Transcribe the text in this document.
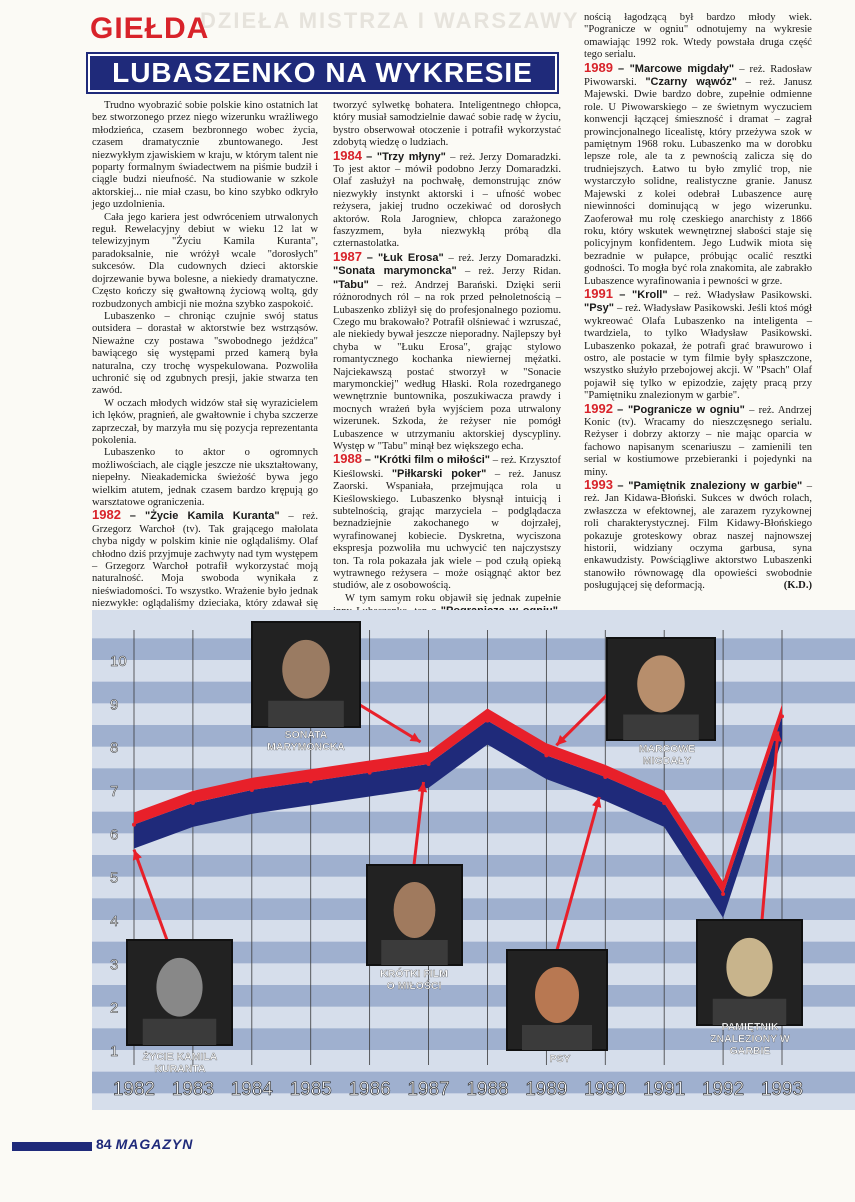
DZIEŁA MISTRZA I WARSZAWY
GIEŁDA
LUBASZENKO NA WYKRESIE

Trudno wyobrazić sobie polskie kino ostatnich lat bez stworzonego przez niego wizerunku wrażliwego młodzieńca, czasem bezbronnego wobec życia, czasem dramatycznie zbuntowanego. Jest niezwykłym zjawiskiem w kraju, w którym talent nie poparty formalnym świadectwem na piśmie budził i ciągle budzi nieufność. Na studiowanie w szkole aktorskiej... nie miał czasu, bo kino szybko odkryło jego uzdolnienia.

Cała jego kariera jest odwróceniem utrwalonych reguł. Rewelacyjny debiut w wieku 12 lat w telewizyjnym "Życiu Kamila Kuranta", paradoksalnie, nie wróżył wcale "dorosłych" sukcesów. Dla cudownych dzieci aktorskie dojrzewanie bywa bolesne, a niekiedy dramatyczne. Często kończy się gwałtowną życiową woltą, gdy rozbudzonych ambicji nie można szybko zaspokoić.

Lubaszenko – chroniąc czujnie swój status outsidera – dorastał w aktorstwie bez wstrząsów. Nieważne czy postawa "swobodnego jeźdźca" bawiącego się występami przed kamerą była naturalna, czy trochę wyspekulowana. Pozwoliła uchronić się od zgubnych presji, jakie stwarza ten zawód.

W oczach młodych widzów stał się wyrazicielem ich lęków, pragnień, ale gwałtownie i chyba szczerze zaprzeczał, by marzyła mu się pozycja reprezentanta pokolenia.

Lubaszenko to aktor o ogromnych możliwościach, ale ciągle jeszcze nie ukształtowany, niepełny. Nieakademicka świeżość bywa jego wielkim atutem, jednak czasem bardzo krępują go warsztatowe ograniczenia.

1982 – "Życie Kamila Kuranta" – reż. Grzegorz Warchoł (tv). Tak grającego małolata chyba nigdy w polskim kinie nie oglądaliśmy. Olaf chłodno dziś przyjmuje zachwyty nad tym występem – Grzegorz Warchoł potrafił wykorzystać moją naturalność. Moja swoboda wynikała z nieświadomości. To wszystko. Wrażenie było jednak niezwykłe: oglądaliśmy dzieciaka, który zdawał się

tworzyć sylwetkę bohatera. Inteligentnego chłopca, który musiał samodzielnie dawać sobie radę w życiu, bystro obserwował otoczenie i potrafił wykorzystać zdobytą wiedzę o ludziach.

1984 – "Trzy młyny" – reż. Jerzy Domaradzki. To jest aktor – mówił podobno Jerzy Domaradzki. Olaf zasłużył na pochwałę, demonstrując znów niezwykły instynkt aktorski i – ufność wobec reżysera, jakiej trudno oczekiwać od dorosłych aktorów. Rola Jarogniew, chłopca zarażonego faszyzmem, była niezwykłą próbą dla czternastolatka.

1987 – "Łuk Erosa" – reż. Jerzy Domaradzki. "Sonata marymoncka" – reż. Jerzy Ridan. "Tabu" – reż. Andrzej Barański. Dzięki serii różnorodnych ról – na rok przed pełnoletnością – Lubaszenko zbliżył się do profesjonalnego poziomu. Czego mu brakowało? Potrafił olśniewać i wzruszać, ale niekiedy bywał jeszcze nieporadny. Najlepszy był chyba w "Łuku Erosa", grając stylowo romantycznego kochanka niewiernej mężatki. Najciekawszą postać stworzył w "Sonacie marymonckiej" według Hłaski. Rola rozedrganego wewnętrznie buntownika, poszukiwacza prawdy i mocnych wrażeń była wyjściem poza utrwalony wizerunek. Szkoda, że reżyser nie pomógł Lubaszence w utrzymaniu aktorskiej dyscypliny. Występ w "Tabu" minął bez większego echa.

1988 – "Krótki film o miłości" – reż. Krzysztof Kieślowski. "Piłkarski poker" – reż. Janusz Zaorski. Wspaniała, przejmująca rola u Kieślowskiego. Lubaszenko błysnął intuicją i subtelnością, grając marzyciela – podglądacza beznadziejnie zakochanego w dojrzałej, wyrafinowanej kobiecie. Dyskretna, wyciszona ekspresja pozwoliła mu uchwycić ten najczystszy ton. Ta rola pokazała jak wiele – pod czułą opieką wytrawnego reżysera – może osiągnąć aktor bez studiów, ale z osobowością.

W tym samym roku objawił się jednak zupełnie

nością łagodzącą był bardzo młody wiek. "Pogranicze w ogniu" odnotujemy na wykresie omawiając 1992 rok. Wtedy powstała druga część tego serialu.

1989 – "Marcowe migdały" – reż. Radosław Piwowarski. "Czarny wąwóz" – reż. Janusz Majewski. Dwie bardzo dobre, zupełnie odmienne role. U Piwowarskiego – ze świetnym wyczuciem konwencji łączącej śmieszność i dramat – zagrał prowincjonalnego licealistę, który przeżywa szok w pamiętnym 1968 roku. Lubaszenko ma w dorobku lepsze role, ale ta z pewnością zalicza się do trudniejszych. Łatwo tu było zmylić trop, nie wystarczyło solidne, realistyczne granie. Janusz Majewski z kolei odebrał Lubaszence aurę niewinności dominującą w jego wizerunku. Zaoferował mu rolę czeskiego anarchisty z 1866 roku, który wskutek wewnętrznej słabości staje się policyjnym konfidentem. Jego Ludwik miota się bezradnie w pułapce, próbując ocalić resztki godności. To mogła być rola znakomita, ale zabrakło Lubaszence wyrafinowania i pewności w grze.

1991 – "Kroll" – reż. Władysław Pasikowski. "Psy" – reż. Władysław Pasikowski. Jeśli ktoś mógł wykreować Olafa Lubaszenko na inteligenta – twardziela, to tylko Władysław Pasikowski. Lubaszenko pokazał, że potrafi grać brawurowo i ostro, ale postacie w tym filmie były spłaszczone, wszystko służyło przebojowej akcji. W "Psach" Olaf pojawił się tylko w epizodzie, zajęty pracą przy "Pamiętniku znalezionym w garbie".

1992 – "Pogranicze w ogniu" – reż. Andrzej Konic (tv). Wracamy do nieszczęsnego serialu. Reżyser i dobrzy aktorzy – nie mając oparcia w fachowo napisanym scenariuszu – zamienili ten serial w kostiumowe przebieranki i pojedynki na miny.

1993 – "Pamiętnik znaleziony w garbie" – reż. Jan Kidawa-Błoński. Sukces w dwóch rolach, zwłaszcza w efektownej, ale zarazem ryzykownej roli charakterystycznej. Film Kidawy-Błońskiego pokazuje groteskowy obraz naszej najnowszej historii, widziany oczyma garbusa, syna enkawudzisty. Powściągliwe aktorstwo Lubaszenki stanowiło równowagę dla opowieści swobodnie posługującej się deformacją.	(K.D.)

1
2
3
4
5
6
7
8
9
10
SONATA
MARYMONCKA	MARCOWE
MIGDAŁY
KRÓTKI FILM
O MIŁOŚCI
ŻYCIE KAMILA
KURANTA
PSY
PAMIĘTNIK
ZNALEZIONY W
GARBIE
1982 1983 1984 1985 1986 1987 1988 1989 1990 1991 1992 1993
84 MAGAZYN
